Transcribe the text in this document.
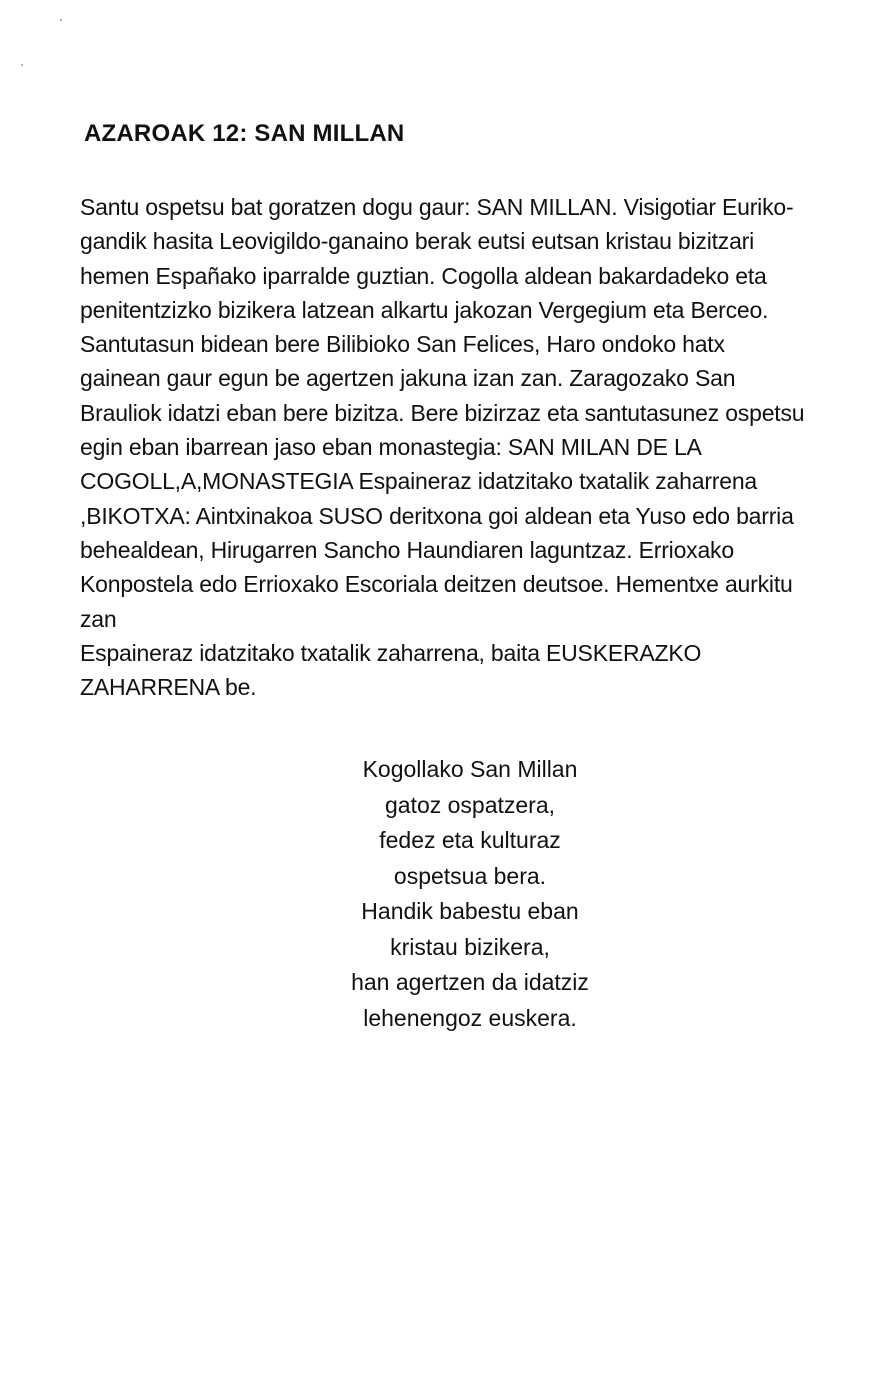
AZAROAK 12: SAN MILLAN
Santu ospetsu bat goratzen dogu gaur: SAN MILLAN. Visigotiar Euriko-
gandik hasita Leovigildo-ganaino berak eutsi eutsan kristau bizitzari
hemen Españako iparralde guztian. Cogolla aldean bakardadeko eta
penitentzizko bizikera latzean alkartu jakozan Vergegium eta Berceo.
Santutasun bidean bere Bilibioko San Felices, Haro ondoko hatx
gainean gaur egun be agertzen jakuna izan zan. Zaragozako San
Brauliok idatzi eban bere bizitza. Bere bizirzaz eta santutasunez ospetsu
egin eban ibarrean jaso eban monastegia: SAN MILAN DE LA
COGOLL,A,MONASTEGIA Espaineraz idatzitako txatalik zaharrena
,BIKOTXA: Aintxinakoa SUSO deritxona goi aldean eta Yuso edo barria
behealdean, Hirugarren Sancho Haundiaren laguntzaz. Errioxako
Konpostela edo Errioxako Escoriala deitzen deutsoe. Hementxe aurkitu
zan
Espaineraz idatzitako txatalik zaharrena, baita EUSKERAZKO
ZAHARRENA be.
Kogollako San Millan
gatoz ospatzera,
fedez eta kulturaz
ospetsua bera.
Handik babestu eban
kristau bizikera,
han agertzen da idatziz
lehenengoz euskera.
